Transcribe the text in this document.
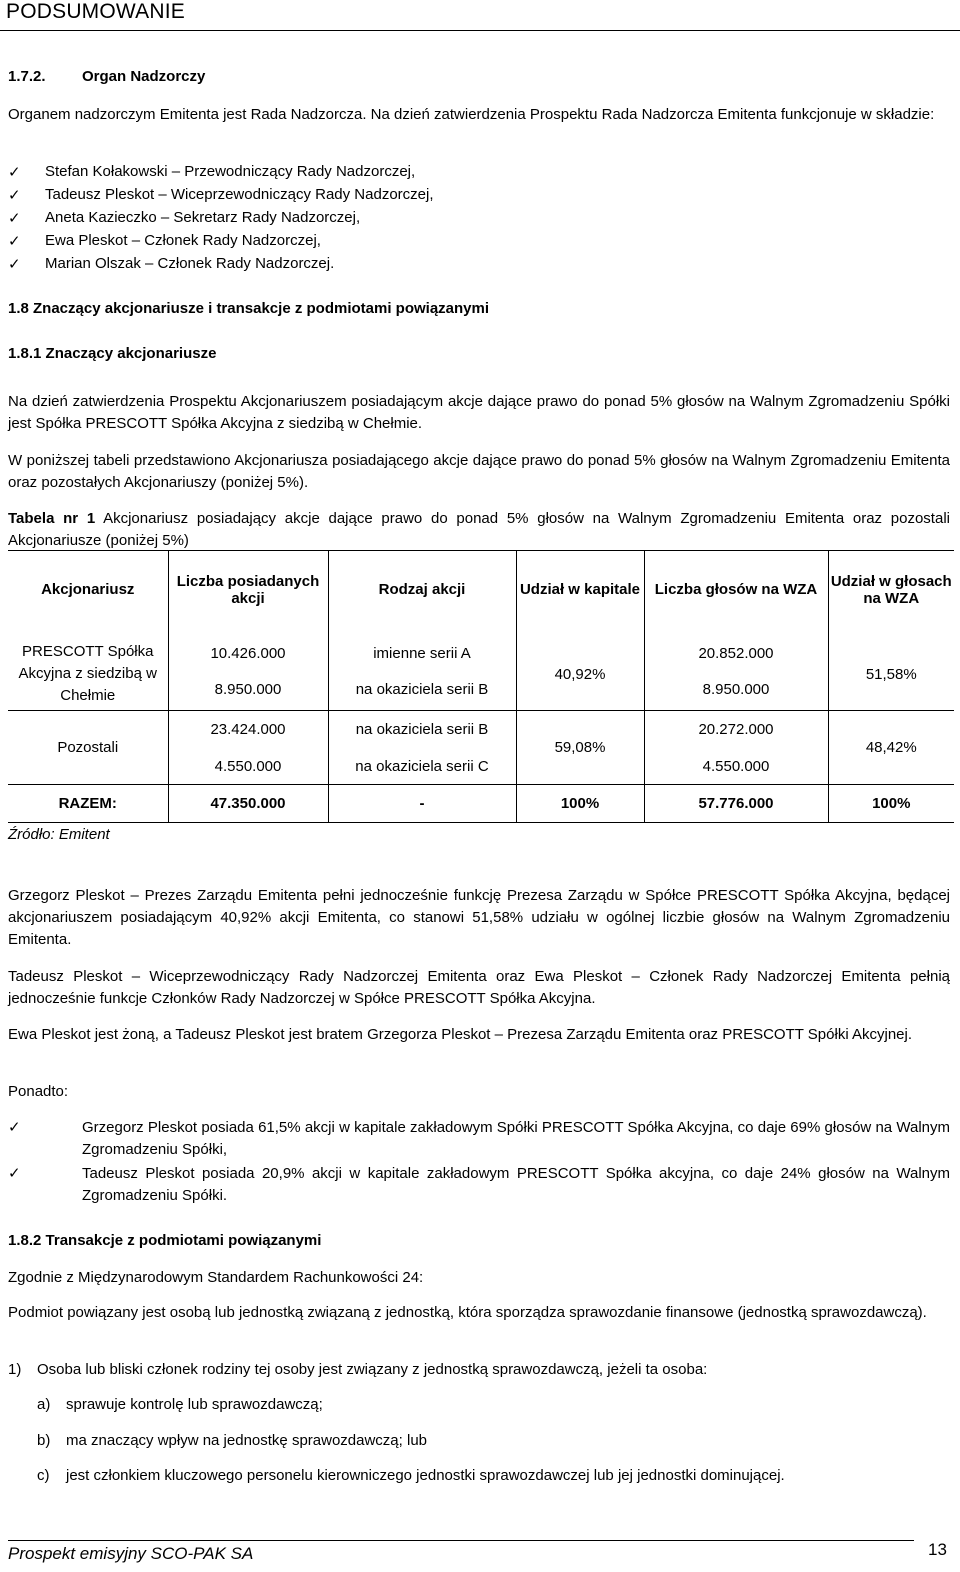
PODSUMOWANIE
1.7.2. Organ Nadzorczy
Organem nadzorczym Emitenta jest Rada Nadzorcza. Na dzień zatwierdzenia Prospektu Rada Nadzorcza Emitenta funkcjonuje w składzie:
✓ Stefan Kołakowski – Przewodniczący Rady Nadzorczej,
✓ Tadeusz Pleskot – Wiceprzewodniczący Rady Nadzorczej,
✓ Aneta Kazieczko – Sekretarz Rady Nadzorczej,
✓ Ewa Pleskot – Członek Rady Nadzorczej,
✓ Marian Olszak – Członek Rady Nadzorczej.
1.8 Znaczący akcjonariusze i transakcje z podmiotami powiązanymi
1.8.1 Znaczący akcjonariusze
Na dzień zatwierdzenia Prospektu Akcjonariuszem posiadającym akcje dające prawo do ponad 5% głosów na Walnym Zgromadzeniu Spółki jest Spółka PRESCOTT Spółka Akcyjna z siedzibą w Chełmie.
W poniższej tabeli przedstawiono Akcjonariusza posiadającego akcje dające prawo do ponad 5% głosów na Walnym Zgromadzeniu Emitenta oraz pozostałych Akcjonariuszy (poniżej 5%).
Tabela nr 1 Akcjonariusz posiadający akcje dające prawo do ponad 5% głosów na Walnym Zgromadzeniu Emitenta oraz pozostali Akcjonariusze (poniżej 5%)
Akcjonariusz	Liczba posiadanych akcji	Rodzaj akcji	Udział w kapitale	Liczba głosów na WZA	Udział w głosach na WZA

PRESCOTT Spółka Akcyjna z siedzibą w Chełmie	10.426.000	imienne serii A	40,92%	20.852.000	51,58%
	8.950.000	na okaziciela serii B		8.950.000	
Pozostali	23.424.000	na okaziciela serii B	59,08%	20.272.000	48,42%
	4.550.000	na okaziciela serii C		4.550.000	
RAZEM:	47.350.000	-	100%	57.776.000	100%
Źródło: Emitent
Grzegorz Pleskot – Prezes Zarządu Emitenta pełni jednocześnie funkcję Prezesa Zarządu w Spółce PRESCOTT Spółka Akcyjna, będącej akcjonariuszem posiadającym 40,92% akcji Emitenta, co stanowi 51,58% udziału w ogólnej liczbie głosów na Walnym Zgromadzeniu Emitenta.
Tadeusz Pleskot – Wiceprzewodniczący Rady Nadzorczej Emitenta oraz Ewa Pleskot – Członek Rady Nadzorczej Emitenta pełnią jednocześnie funkcje Członków Rady Nadzorczej w Spółce PRESCOTT Spółka Akcyjna.
Ewa Pleskot jest żoną, a Tadeusz Pleskot jest bratem Grzegorza Pleskot – Prezesa Zarządu Emitenta oraz PRESCOTT Spółki Akcyjnej.
Ponadto:
✓	Grzegorz Pleskot posiada 61,5% akcji w kapitale zakładowym Spółki PRESCOTT Spółka Akcyjna, co daje 69% głosów na Walnym Zgromadzeniu Spółki,
✓	Tadeusz Pleskot posiada 20,9% akcji w kapitale zakładowym PRESCOTT Spółka akcyjna, co daje 24% głosów na Walnym Zgromadzeniu Spółki.
1.8.2 Transakcje z podmiotami powiązanymi
Zgodnie z Międzynarodowym Standardem Rachunkowości 24:
Podmiot powiązany jest osobą lub jednostką związaną z jednostką, która sporządza sprawozdanie finansowe (jednostką sprawozdawczą).
1) Osoba lub bliski członek rodziny tej osoby jest związany z jednostką sprawozdawczą, jeżeli ta osoba:
a) sprawuje kontrolę lub sprawozdawczą;
b) ma znaczący wpływ na jednostkę sprawozdawczą; lub
c) jest członkiem kluczowego personelu kierowniczego jednostki sprawozdawczej lub jej jednostki dominującej.
Prospekt emisyjny SCO-PAK SA	13
